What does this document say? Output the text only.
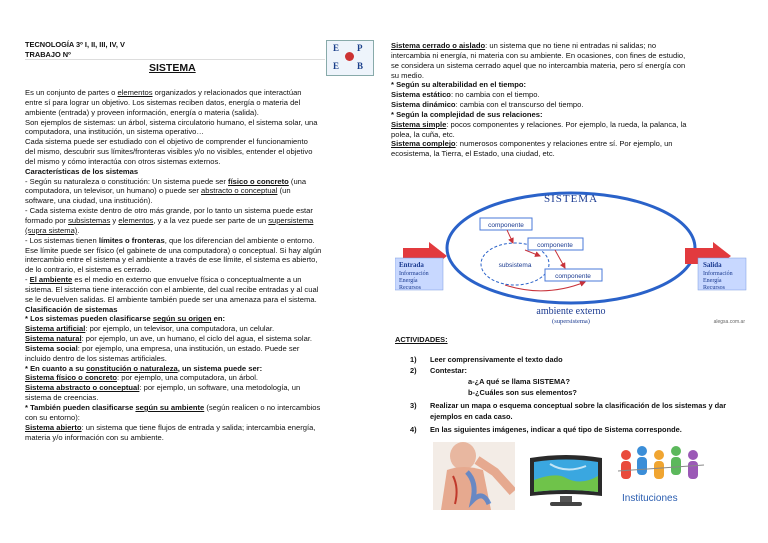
TECNOLOGÍA 3º I, II, III, IV, V
TRABAJO Nº
SISTEMA
E P
E B
Es un conjunto de partes o elementos organizados y relacionados que interactúan
entre sí para lograr un objetivo. Los sistemas reciben datos, energía o materia del
ambiente (entrada) y proveen información, energía o materia (salida).
Son ejemplos de sistemas: un árbol, sistema circulatorio humano, el sistema solar, una
computadora, una institución, un sistema operativo…
Cada sistema puede ser estudiado con el objetivo de comprender el funcionamiento
del mismo, descubrir sus límites/fronteras visibles y/o no visibles, entender el objetivo
del mismo y cómo interactúa con otros sistemas externos.
Características de los sistemas
- Según su naturaleza o constitución: Un sistema puede ser físico o concreto (una
computadora, un televisor, un humano) o puede ser abstracto o conceptual (un
software, una ciudad, una institución).
- Cada sistema existe dentro de otro más grande, por lo tanto un sistema puede estar
formado por subsistemas y elementos, y a la vez puede ser parte de un supersistema
(supra sistema).
- Los sistemas tienen límites o fronteras, que los diferencian del ambiente o entorno.
Ese límite puede ser físico (el gabinete de una computadora) o conceptual. Si hay algún
intercambio entre el sistema y el ambiente a través de ese límite, el sistema es abierto,
de lo contrario, el sistema es cerrado.
- El ambiente es el medio en externo que envuelve física o conceptualmente a un
sistema. El sistema tiene interacción con el ambiente, del cual recibe entradas y al cual
se le devuelven salidas. El ambiente también puede ser una amenaza para el sistema.
Clasificación de sistemas
* Los sistemas pueden clasificarse según su origen en:
Sistema artificial: por ejemplo, un televisor, una computadora, un celular.
Sistema natural: por ejemplo, un ave, un humano, el ciclo del agua, el sistema solar.
Sistema social: por ejemplo, una empresa, una institución, un estado. Puede ser
incluido dentro de los sistemas artificiales.
* En cuanto a su constitución o naturaleza, un sistema puede ser:
Sistema físico o concreto: por ejemplo, una computadora, un árbol.
Sistema abstracto o conceptual: por ejemplo, un software, una metodología, un
sistema de creencias.
* También pueden clasificarse según su ambiente (según realicen o no intercambios
con su entorno):
Sistema abierto: un sistema que tiene flujos de entrada y salida; intercambia energía,
materia y/o información con su ambiente.
Sistema cerrado o aislado: un sistema que no tiene ni entradas ni salidas; no
intercambia ni energía, ni materia con su ambiente. En ocasiones, con fines de estudio,
se considera un sistema cerrado aquel que no intercambia materia, pero sí energía con
su medio.
* Según su alterabilidad en el tiempo:
Sistema estático: no cambia con el tiempo.
Sistema dinámico: cambia con el transcurso del tiempo.
* Según la complejidad de sus relaciones:
Sistema simple: pocos componentes y relaciones. Por ejemplo, la rueda, la palanca, la
polea, la cuña, etc.
Sistema complejo: numerosos componentes y relaciones entre sí. Por ejemplo, un
ecosistema, la Tierra, el Estado, una ciudad, etc.
SISTEMA
subsistema
componente
componente
componente
Entrada
Información
Energía
Recursos
Salida
Información
Energía
Recursos
ambiente externo
(supersistema)	alegsa.com.ar
ACTIVIDADES:
1) Leer comprensivamente el texto dado
2) Contestar:
a-¿A qué se llama SISTEMA?
b-¿Cuáles son sus elementos?
3) Realizar un mapa o esquema conceptual sobre la clasificación de los sistemas y dar
ejemplos en cada caso.
4) En las siguientes imágenes, indicar a qué tipo de Sistema corresponde.
Instituciones
